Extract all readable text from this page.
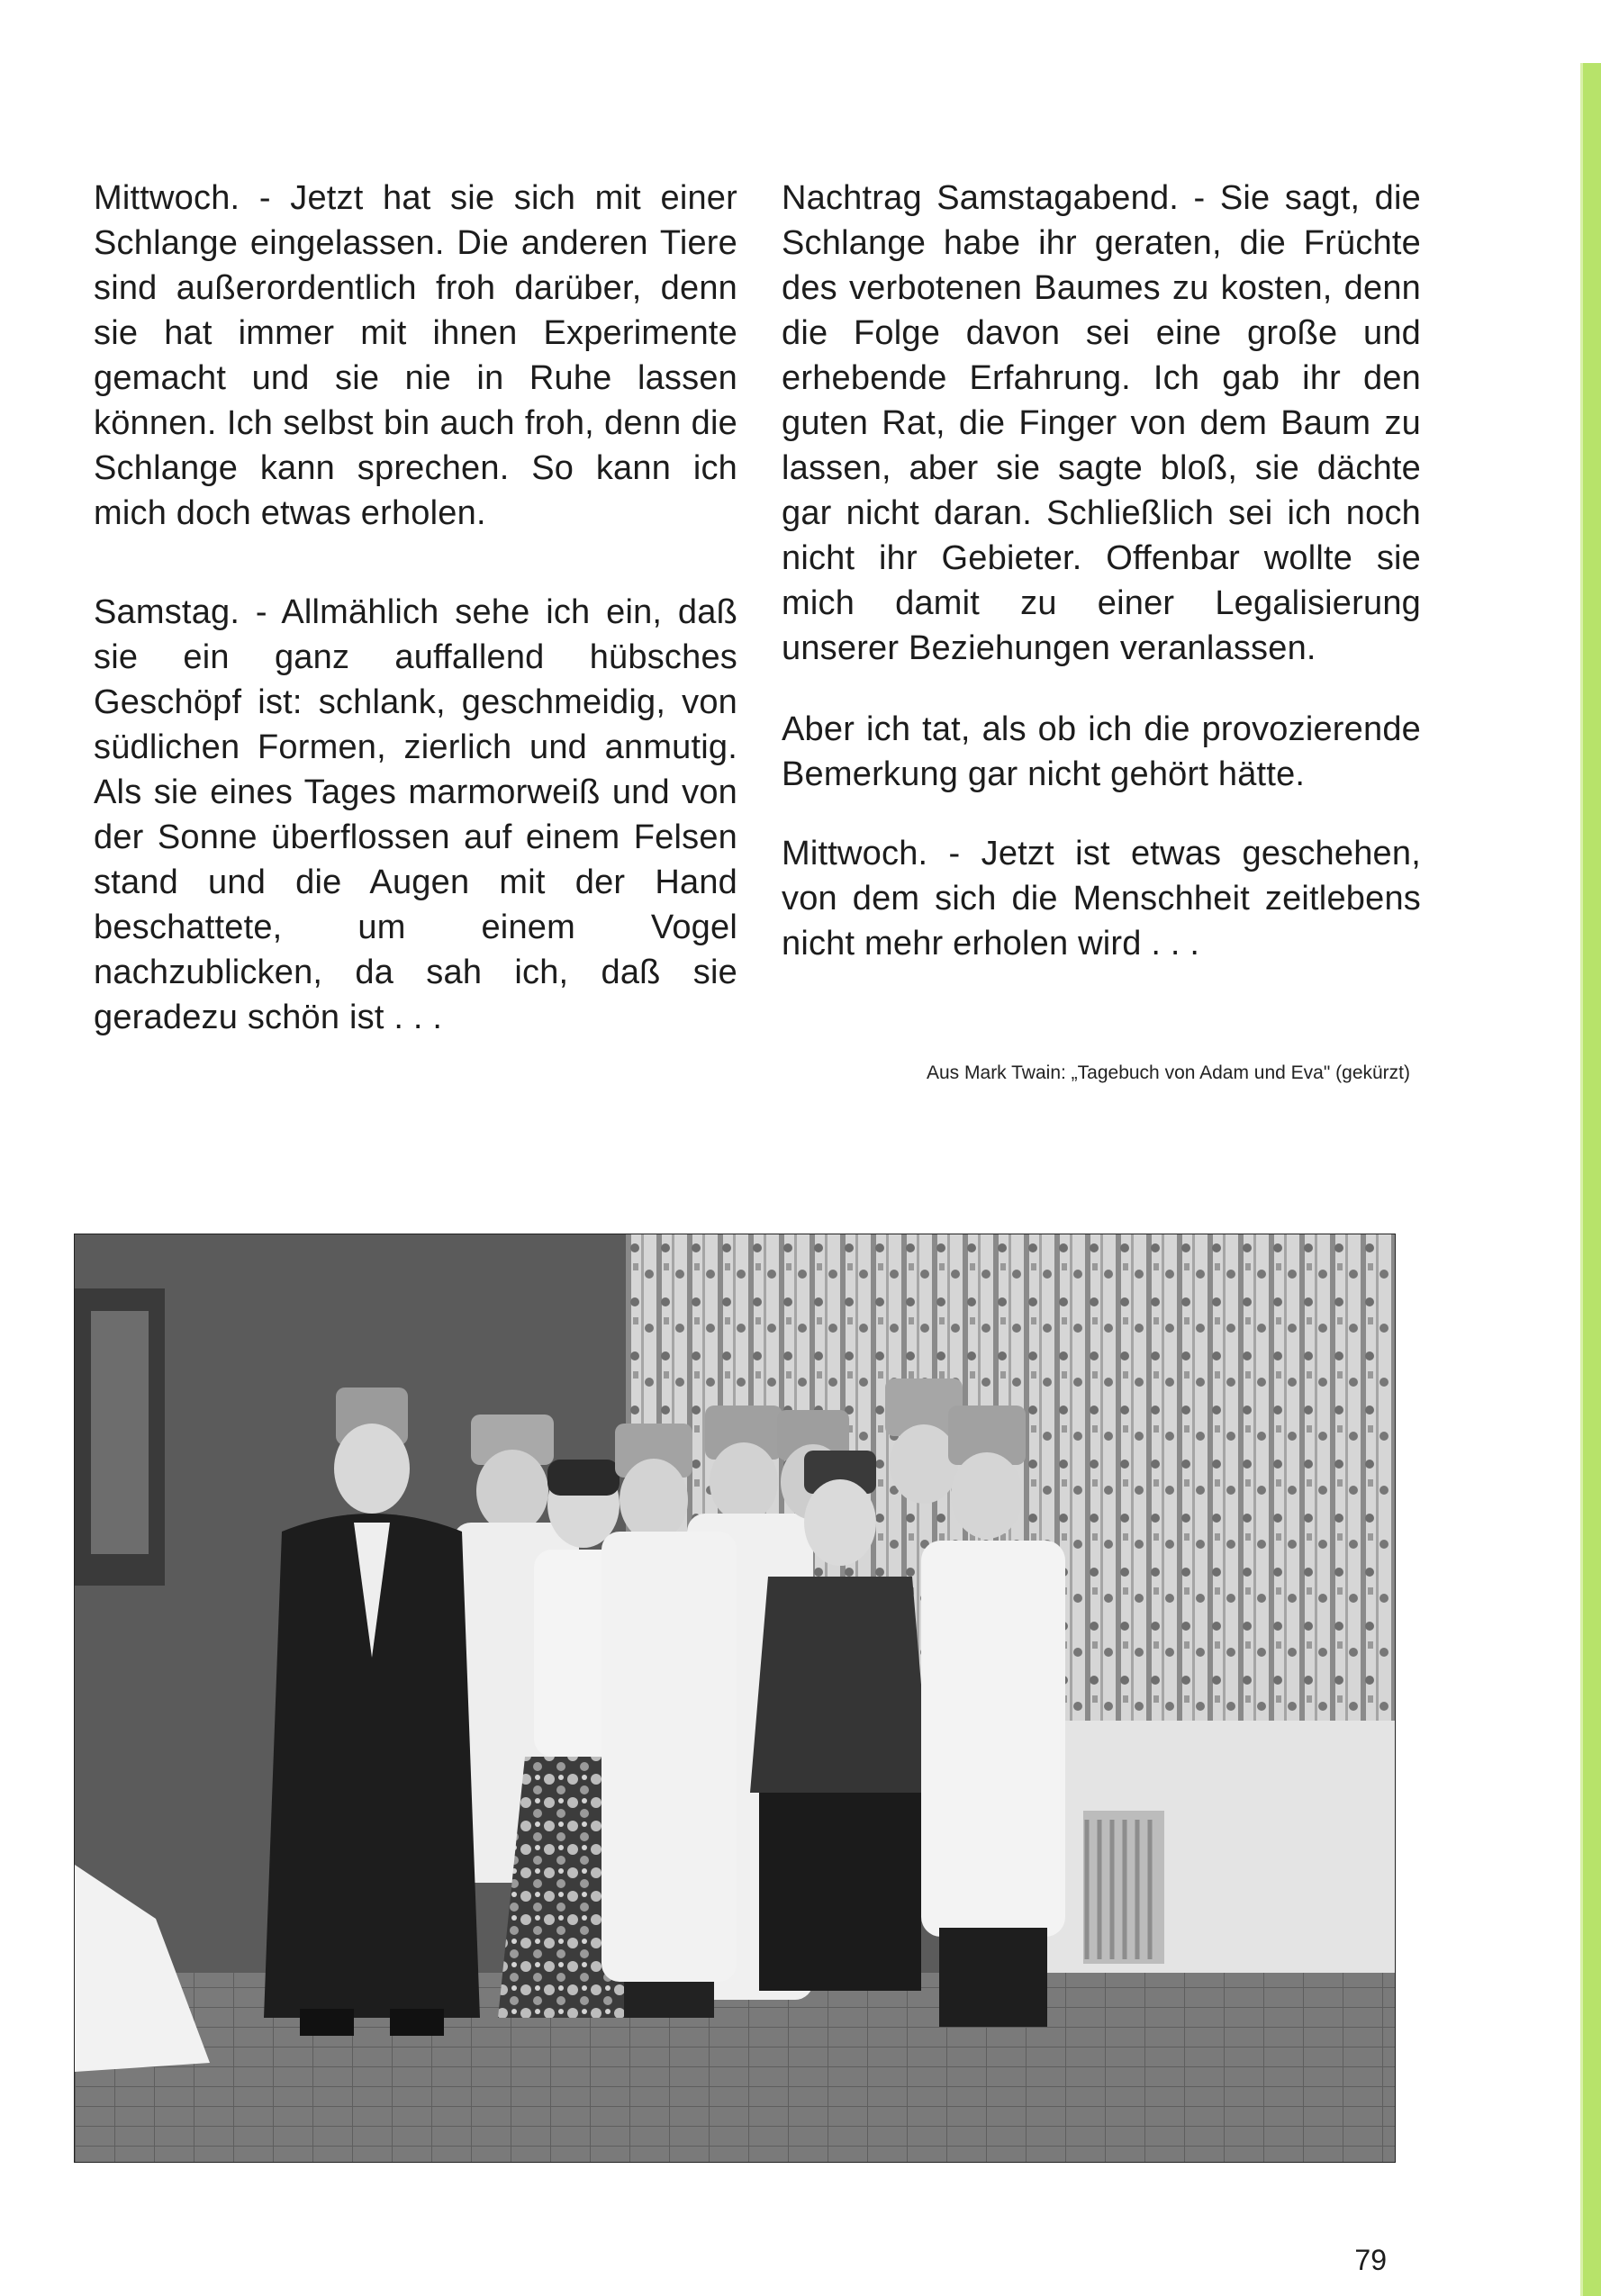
Mittwoch. - Jetzt hat sie sich mit einer Schlange eingelassen. Die anderen Tiere sind außerordentlich froh darüber, denn sie hat immer mit ihnen Experimente gemacht und sie nie in Ruhe lassen können. Ich selbst bin auch froh, denn die Schlange kann sprechen. So kann ich mich doch etwas erholen.

Samstag. - Allmählich sehe ich ein, daß sie ein ganz auffallend hübsches Geschöpf ist: schlank, geschmeidig, von südlichen Formen, zierlich und anmutig. Als sie eines Tages marmorweiß und von der Sonne überflossen auf einem Felsen stand und die Augen mit der Hand beschattete, um einem Vogel nachzublicken, da sah ich, daß sie geradezu schön ist . . .

Nachtrag Samstagabend. - Sie sagt, die Schlange habe ihr geraten, die Früchte des verbotenen Baumes zu kosten, denn die Folge davon sei eine große und erhebende Erfahrung. Ich gab ihr den guten Rat, die Finger von dem Baum zu lassen, aber sie sagte bloß, sie dächte gar nicht daran. Schließlich sei ich noch nicht ihr Gebieter. Offenbar wollte sie mich damit zu einer Legalisierung unserer Beziehungen veranlassen.

Aber ich tat, als ob ich die provozierende Bemerkung gar nicht gehört hätte.

Mittwoch. - Jetzt ist etwas geschehen, von dem sich die Menschheit zeitlebens nicht mehr erholen wird . . .

Aus Mark Twain: „Tagebuch von Adam und Eva" (gekürzt)
79
